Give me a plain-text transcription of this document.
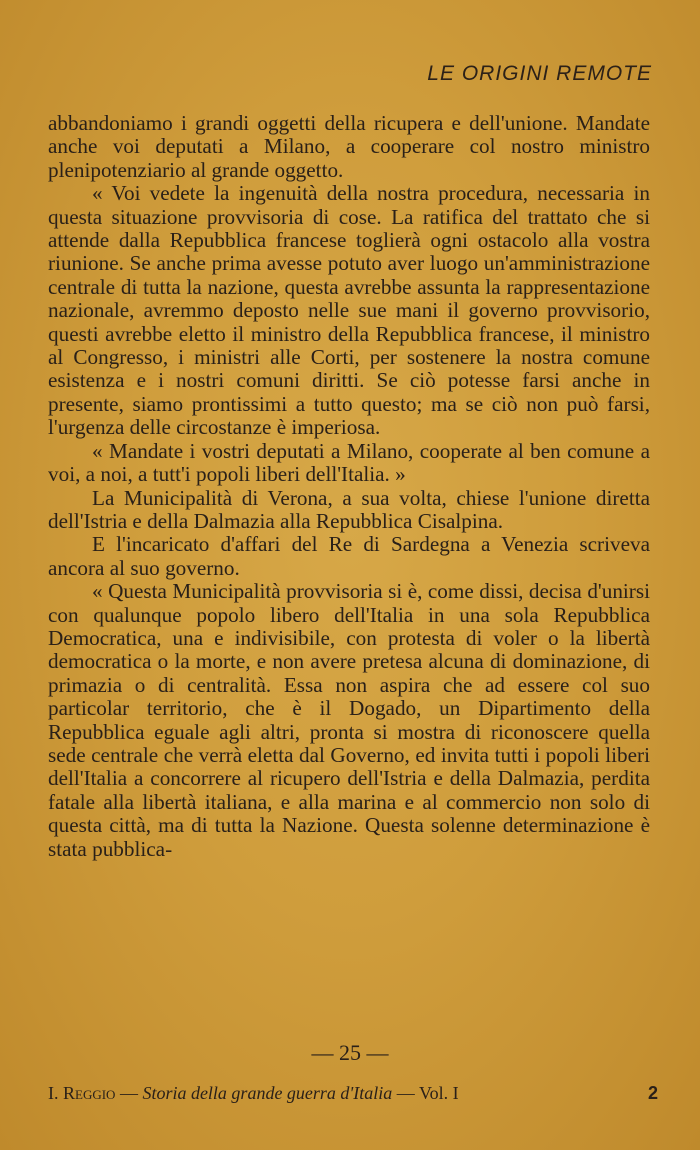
LE ORIGINI REMOTE

abbandoniamo i grandi oggetti della ricupera e dell'unione. Mandate anche voi deputati a Milano, a cooperare col nostro ministro plenipotenziario al grande oggetto.

« Voi vedete la ingenuità della nostra procedura, necessaria in questa situazione provvisoria di cose. La ratifica del trattato che si attende dalla Repubblica francese toglierà ogni ostacolo alla vostra riunione. Se anche prima avesse potuto aver luogo un'amministrazione centrale di tutta la nazione, questa avrebbe assunta la rappresentazione nazionale, avremmo deposto nelle sue mani il governo provvisorio, questi avrebbe eletto il ministro della Repubblica francese, il ministro al Congresso, i ministri alle Corti, per sostenere la nostra comune esistenza e i nostri comuni diritti. Se ciò potesse farsi anche in presente, siamo prontissimi a tutto questo; ma se ciò non può farsi, l'urgenza delle circostanze è imperiosa.

« Mandate i vostri deputati a Milano, cooperate al ben comune a voi, a noi, a tutt'i popoli liberi dell'Italia. »

La Municipalità di Verona, a sua volta, chiese l'unione diretta dell'Istria e della Dalmazia alla Repubblica Cisalpina.

E l'incaricato d'affari del Re di Sardegna a Venezia scriveva ancora al suo governo.

« Questa Municipalità provvisoria si è, come dissi, decisa d'unirsi con qualunque popolo libero dell'Italia in una sola Repubblica Democratica, una e indivisibile, con protesta di voler o la libertà democratica o la morte, e non avere pretesa alcuna di dominazione, di primazia o di centralità. Essa non aspira che ad essere col suo particolar territorio, che è il Dogado, un Dipartimento della Repubblica eguale agli altri, pronta si mostra di riconoscere quella sede centrale che verrà eletta dal Governo, ed invita tutti i popoli liberi dell'Italia a concorrere al ricupero dell'Istria e della Dalmazia, perdita fatale alla libertà italiana, e alla marina e al commercio non solo di questa città, ma di tutta la Nazione. Questa solenne determinazione è stata pubblica-

— 25 —
I. Reggio — Storia della grande guerra d'Italia — Vol. I	2
